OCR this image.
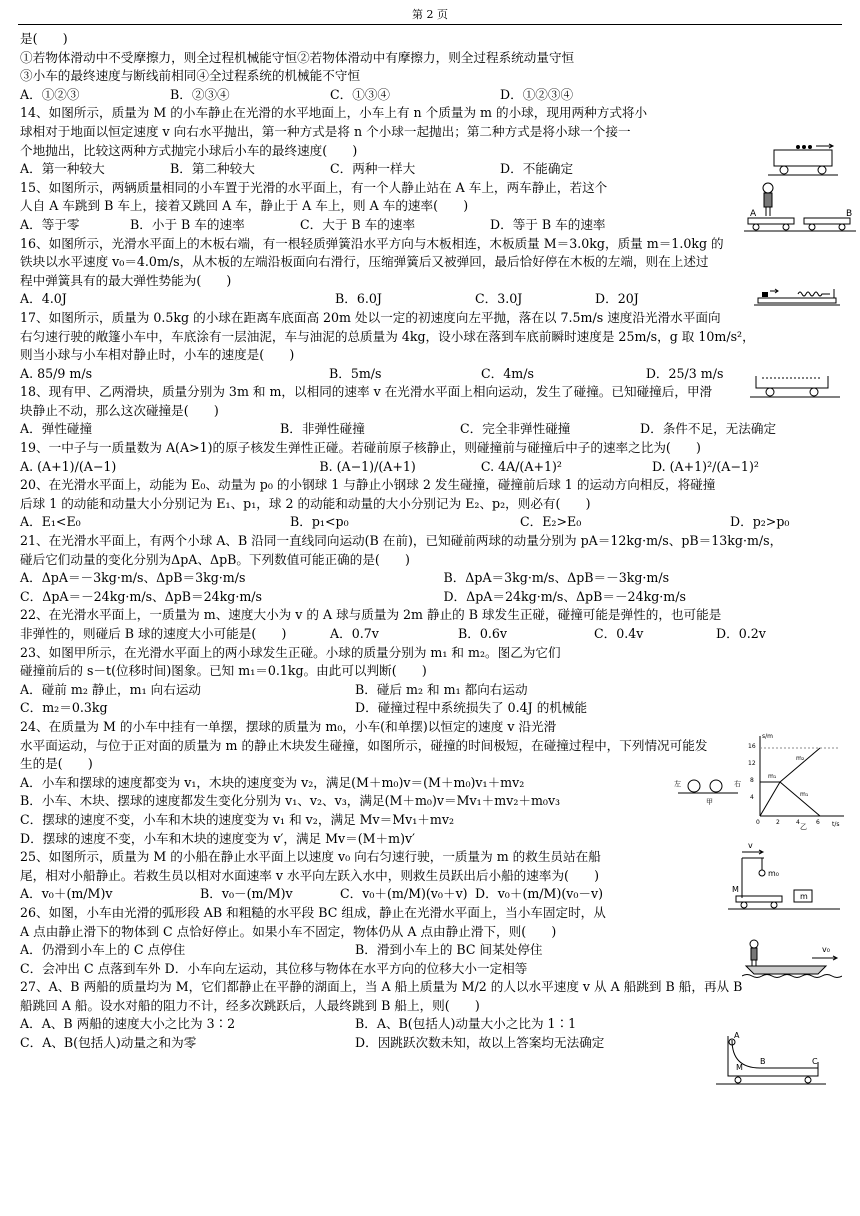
第 2 页
是(　　)
①若物体滑动中不受摩擦力，则全过程机械能守恒②若物体滑动中有摩擦力，则全过程系统动量守恒
③小车的最终速度与断线前相同④全过程系统的机械能不守恒
A．①②③	B．②③④	C．①③④	D．①②③④
14、如图所示，质量为 M 的小车静止在光滑的水平地面上，小车上有 n 个质量为 m 的小球，现用两种方式将小
球相对于地面以恒定速度 v 向右水平抛出，第一种方式是将 n 个小球一起抛出；第二种方式是将小球一个接一
个地抛出，比较这两种方式抛完小球后小车的最终速度(　　)
A．第一种较大	B．第二种较大	C．两种一样大	D．不能确定
15、如图所示，两辆质量相同的小车置于光滑的水平面上，有一个人静止站在 A 车上，两车静止，若这个
人自 A 车跳到 B 车上，接着又跳回 A 车，静止于 A 车上，则 A 车的速率(　　)
A．等于零	B．小于 B 车的速率	C．大于 B 车的速率	D．等于 B 车的速率
16、如图所示，光滑水平面上的木板右端，有一根轻质弹簧沿水平方向与木板相连，木板质量 M＝3.0kg，质量 m＝1.0kg 的
铁块以水平速度 v₀＝4.0m/s，从木板的左端沿板面向右滑行，压缩弹簧后又被弹回，最后恰好停在木板的左端，则在上述过
程中弹簧具有的最大弹性势能为(　　)
A．4.0J	B．6.0J	C．3.0J	D．20J
17、如图所示，质量为 0.5kg 的小球在距离车底面高 20m 处以一定的初速度向左平抛，落在以 7.5m/s 速度沿光滑水平面向
右匀速行驶的敞篷小车中，车底涂有一层油泥，车与油泥的总质量为 4kg，设小球在落到车底前瞬时速度是 25m/s，g 取 10m/s²，
则当小球与小车相对静止时，小车的速度是(　　)
A. 85/9 m/s	B．5m/s	C．4m/s	D．25/3 m/s
18、现有甲、乙两滑块，质量分别为 3m 和 m，以相同的速率 v 在光滑水平面上相向运动，发生了碰撞。已知碰撞后，甲滑
块静止不动，那么这次碰撞是(　　)
A．弹性碰撞	B．非弹性碰撞	C．完全非弹性碰撞	D．条件不足，无法确定
19、一中子与一质量数为 A(A>1)的原子核发生弹性正碰。若碰前原子核静止，则碰撞前与碰撞后中子的速率之比为(　　)
A. (A+1)/(A−1)	B. (A−1)/(A+1)	C. 4A/(A+1)²	D. (A+1)²/(A−1)²
20、在光滑水平面上，动能为 E₀、动量为 p₀ 的小钢球 1 与静止小钢球 2 发生碰撞，碰撞前后球 1 的运动方向相反，将碰撞
后球 1 的动能和动量大小分别记为 E₁、p₁，球 2 的动能和动量的大小分别记为 E₂、p₂，则必有(　　)
A．E₁<E₀	B．p₁<p₀	C．E₂>E₀	D．p₂>p₀
21、在光滑水平面上，有两个小球 A、B 沿同一直线同向运动(B 在前)，已知碰前两球的动量分别为 pA＝12kg·m/s、pB＝13kg·m/s，
碰后它们动量的变化分别为ΔpA、ΔpB。下列数值可能正确的是(　　)
A．ΔpA＝－3kg·m/s、ΔpB＝3kg·m/s	B．ΔpA＝3kg·m/s、ΔpB＝－3kg·m/s
C．ΔpA＝－24kg·m/s、ΔpB＝24kg·m/s	D．ΔpA＝24kg·m/s、ΔpB＝－24kg·m/s
22、在光滑水平面上，一质量为 m、速度大小为 v 的 A 球与质量为 2m 静止的 B 球发生正碰，碰撞可能是弹性的，也可能是
非弹性的，则碰后 B 球的速度大小可能是(　　)	A．0.7v	B．0.6v	C．0.4v	D．0.2v
23、如图甲所示，在光滑水平面上的两小球发生正碰。小球的质量分别为 m₁ 和 m₂。图乙为它们
碰撞前后的 s－t(位移时间)图象。已知 m₁＝0.1kg。由此可以判断(　　)
A．碰前 m₂ 静止，m₁ 向右运动	B．碰后 m₂ 和 m₁ 都向右运动
C．m₂＝0.3kg	D．碰撞过程中系统损失了 0.4J 的机械能
24、在质量为 M 的小车中挂有一单摆，摆球的质量为 m₀，小车(和单摆)以恒定的速度 v 沿光滑
水平面运动，与位于正对面的质量为 m 的静止木块发生碰撞，如图所示，碰撞的时间极短，在碰撞过程中，下列情况可能发
生的是(　　)
A．小车和摆球的速度都变为 v₁，木块的速度变为 v₂，满足(M＋m₀)v＝(M＋m₀)v₁＋mv₂
B．小车、木块、摆球的速度都发生变化分别为 v₁、v₂、v₃，满足(M＋m₀)v＝Mv₁＋mv₂＋m₀v₃
C．摆球的速度不变，小车和木块的速度变为 v₁ 和 v₂，满足 Mv＝Mv₁＋mv₂
D．摆球的速度不变，小车和木块的速度变为 v′，满足 Mv＝(M＋m)v′
25、如图所示，质量为 M 的小船在静止水平面上以速度 v₀ 向右匀速行驶，一质量为 m 的救生员站在船
尾，相对小船静止。若救生员以相对水面速率 v 水平向左跃入水中，则救生员跃出后小船的速率为(　　)
A．v₀＋(m/M)v	B．v₀－(m/M)v	C．v₀＋(m/M)(v₀＋v) D．v₀＋(m/M)(v₀－v)
26、如图，小车由光滑的弧形段 AB 和粗糙的水平段 BC 组成，静止在光滑水平面上，当小车固定时，从
A 点由静止滑下的物体到 C 点恰好停止。如果小车不固定，物体仍从 A 点由静止滑下，则(　　)
A．仍滑到小车上的 C 点停住	B．滑到小车上的 BC 间某处停住
C．会冲出 C 点落到车外 D．小车向左运动，其位移与物体在水平方向的位移大小一定相等
27、A、B 两船的质量均为 M，它们都静止在平静的湖面上，当 A 船上质量为 M/2 的人以水平速度 v 从 A 船跳到 B 船，再从 B
船跳回 A 船。设水对船的阻力不计，经多次跳跃后，人最终跳到 B 船上，则(　　)
A．A、B 两船的速度大小之比为 3∶2	B．A、B(包括人)动量大小之比为 1∶1
C．A、B(包括人)动量之和为零	D．因跳跃次数未知，故以上答案均无法确定
A	B
左	右
甲
s/m
t/s
16
12
8
4
0	2	4	6
m₂
m₁
m₁
乙
v
m₀
M
m
v₀
A
M
B	C
